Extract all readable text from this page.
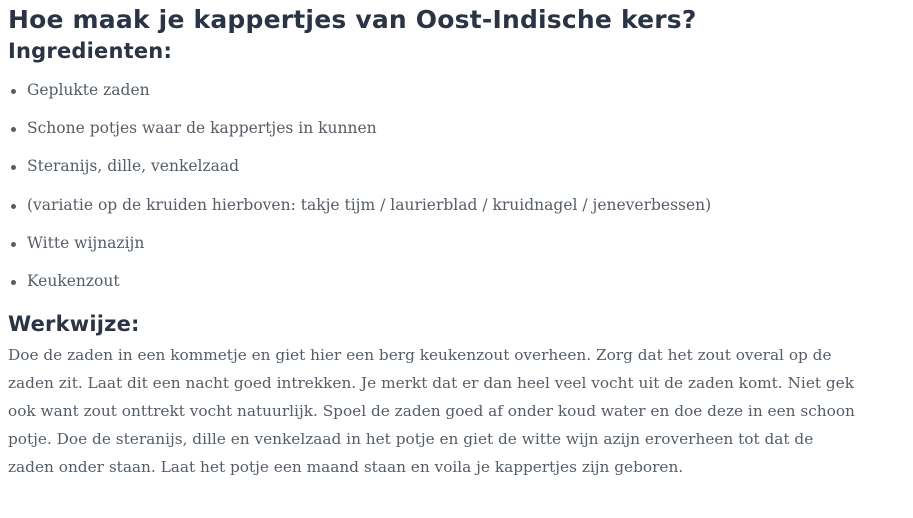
Hoe maak je kappertjes van Oost-Indische kers?
Ingredienten:
Geplukte zaden
Schone potjes waar de kappertjes in kunnen
Steranijs, dille, venkelzaad
(variatie op de kruiden hierboven: takje tijm / laurierblad / kruidnagel / jeneverbessen)
Witte wijnazijn
Keukenzout
Werkwijze:

Doe de zaden in een kommetje en giet hier een berg keukenzout overheen. Zorg dat het zout overal op de zaden zit. Laat dit een nacht goed intrekken. Je merkt dat er dan heel veel vocht uit de zaden komt. Niet gek ook want zout onttrekt vocht natuurlijk. Spoel de zaden goed af onder koud water en doe deze in een schoon potje. Doe de steranijs, dille en venkelzaad in het potje en giet de witte wijn azijn eroverheen tot dat de zaden onder staan. Laat het potje een maand staan en voila je kappertjes zijn geboren.
